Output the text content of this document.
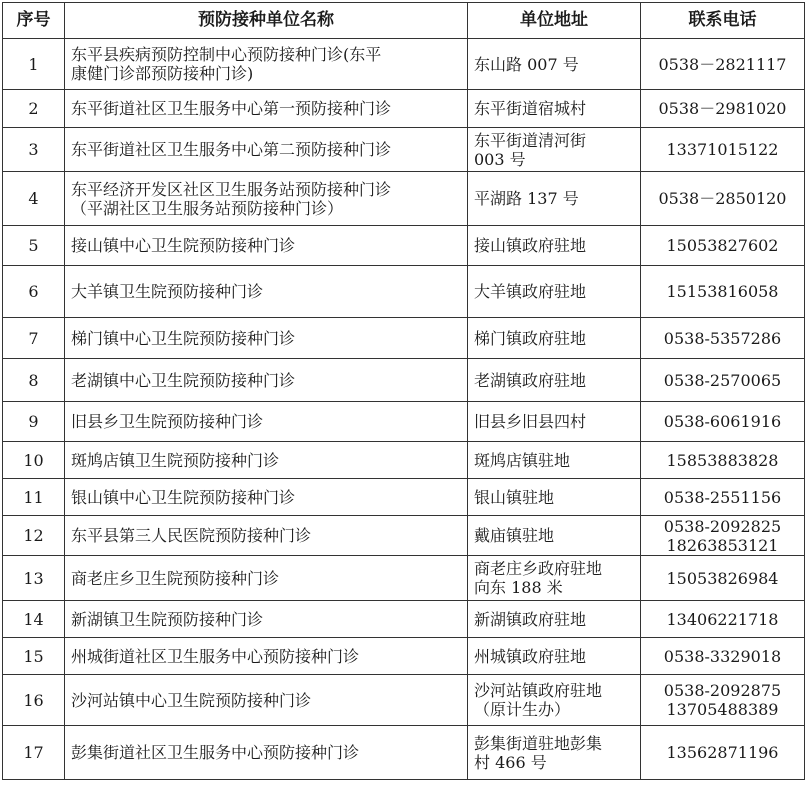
序号	预防接种单位名称	单位地址	联系电话
1	东平县疾病预防控制中心预防接种门诊(东平
康健门诊部预防接种门诊)	东山路 007 号	0538－2821117

2	东平街道社区卫生服务中心第一预防接种门诊	东平街道宿城村	0538－2981020

3	东平街道社区卫生服务中心第二预防接种门诊	东平街道清河街
003 号	13371015122

4	东平经济开发区社区卫生服务站预防接种门诊
（平湖社区卫生服务站预防接种门诊）	平湖路 137 号	0538－2850120

5	接山镇中心卫生院预防接种门诊	接山镇政府驻地	15053827602

6	大羊镇卫生院预防接种门诊	大羊镇政府驻地	15153816058

7	梯门镇中心卫生院预防接种门诊	梯门镇政府驻地	0538-5357286

8	老湖镇中心卫生院预防接种门诊	老湖镇政府驻地	0538-2570065

9	旧县乡卫生院预防接种门诊	旧县乡旧县四村	0538-6061916

10	斑鸠店镇卫生院预防接种门诊	斑鸠店镇驻地	15853883828

11	银山镇中心卫生院预防接种门诊	银山镇驻地	0538-2551156

12	东平县第三人民医院预防接种门诊	戴庙镇驻地	0538-2092825
18263853121

13	商老庄乡卫生院预防接种门诊	商老庄乡政府驻地
向东 188 米	15053826984

14	新湖镇卫生院预防接种门诊	新湖镇政府驻地	13406221718

15	州城街道社区卫生服务中心预防接种门诊	州城镇政府驻地	0538-3329018

16	沙河站镇中心卫生院预防接种门诊	沙河站镇政府驻地
（原计生办）	0538-2092875
13705488389

17	彭集街道社区卫生服务中心预防接种门诊	彭集街道驻地彭集
村 466 号	13562871196
